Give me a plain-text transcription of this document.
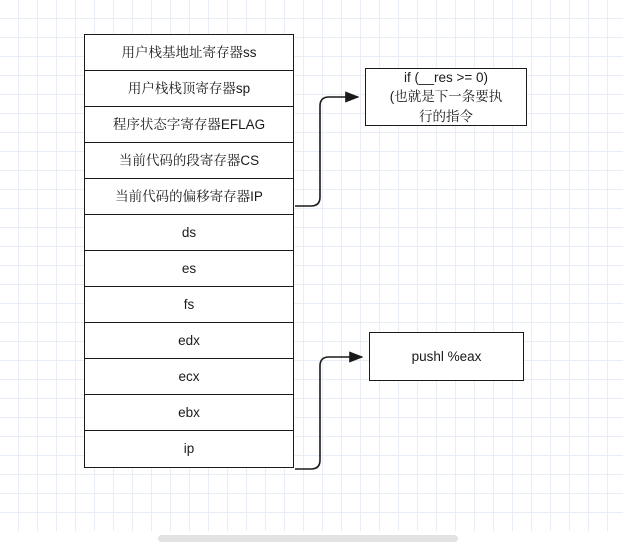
用户栈基地址寄存器ss
用户栈栈顶寄存器sp
程序状态字寄存器EFLAG
当前代码的段寄存器CS
当前代码的偏移寄存器IP
ds
es
fs
edx
ecx
ebx
ip
if (__res >= 0)
(也就是下一条要执
行的指令
pushl %eax
